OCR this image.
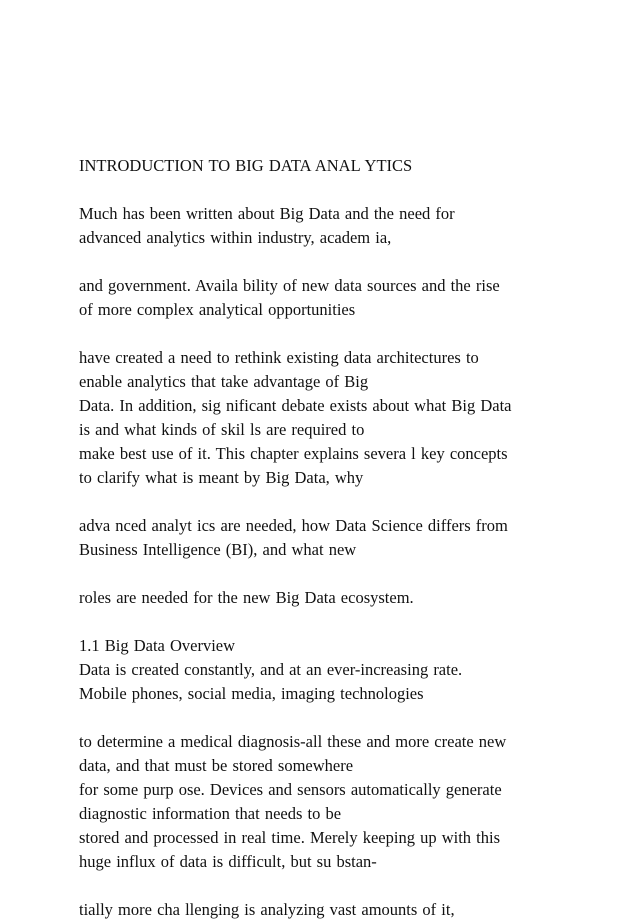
INTRODUCTION TO BIG DATA ANAL YTICS
Much has been written about Big Data and the need for
advanced analytics within industry, academ ia,
and government. Availa bility of new data sources and the rise
of more complex analytical opportunities
have created a need to rethink existing data architectures to
enable analytics that take advantage of Big
Data. In addition, sig nificant debate exists about what Big Data
is and what kinds of skil ls are required to
make best use of it. This chapter explains severa l key concepts
to clarify what is meant by Big Data, why
adva nced analyt ics are needed, how Data Science differs from
Business Intelligence (BI), and what new
roles are needed for the new Big Data ecosystem.
1.1 Big Data Overview
Data is created constantly, and at an ever-increasing rate.
Mobile phones, social media, imaging technologies
to determine a medical diagnosis-all these and more create new
data, and that must be stored somewhere
for some purp ose. Devices and sensors automatically generate
diagnostic information that needs to be
stored and processed in real time. Merely keeping up with this
huge influx of data is difficult, but su bstan-
tially more cha llenging is analyzing vast amounts of it,
